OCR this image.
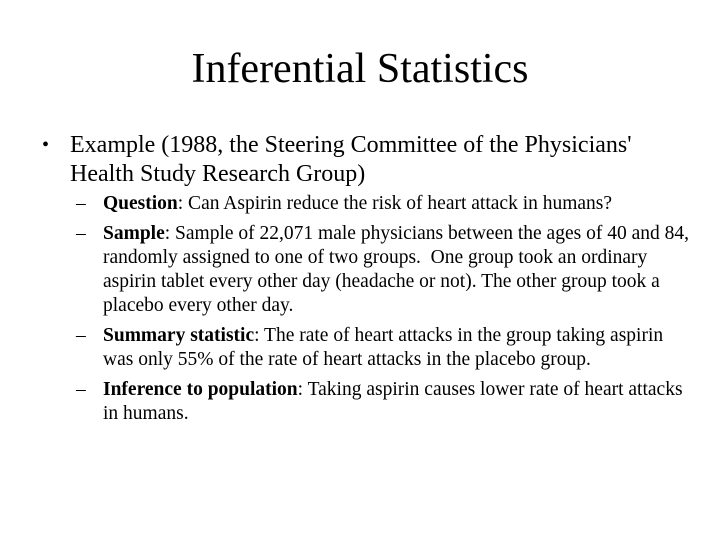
Inferential Statistics
• Example (1988, the Steering Committee of the Physicians' Health Study Research Group)
– Question: Can Aspirin reduce the risk of heart attack in humans?
– Sample: Sample of 22,071 male physicians between the ages of 40 and 84, randomly assigned to one of two groups.  One group took an ordinary aspirin tablet every other day (headache or not). The other group took a placebo every other day.
– Summary statistic: The rate of heart attacks in the group taking aspirin was only 55% of the rate of heart attacks in the placebo group.
– Inference to population: Taking aspirin causes lower rate of heart attacks in humans.
